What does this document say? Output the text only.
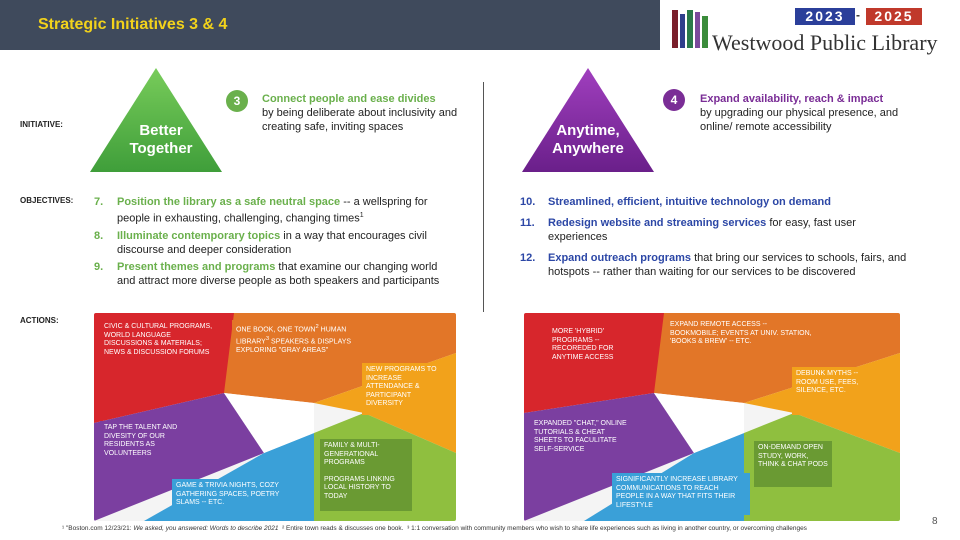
Strategic Initiatives 3 & 4	2023 -	2025
Westwood Public Library
INITIATIVE:
OBJECTIVES:
ACTIONS:
Better
Together
3	Connect people and ease divides
by being deliberate about inclusivity and creating safe, inviting spaces	Anytime,
Anywhere
4	Expand availability, reach & impact
by upgrading our physical presence, and online/ remote accessibility
7. Position the library as a safe neutral space -- a wellspring for people in exhausting, challenging, changing times$^1$
8. Illuminate contemporary topics in a way that encourages civil discourse and deeper consideration
9. Present themes and programs that examine our changing world and attract more diverse people as both speakers and participants
10. Streamlined, efficient, intuitive technology on demand
11. Redesign website and streaming services for easy, fast user experiences
12. Expand outreach programs that bring our services to schools, fairs, and hotspots -- rather than waiting for our services to be discovered
CIVIC & CULTURAL PROGRAMS, WORLD LANGUAGE DISCUSSIONS & MATERIALS; NEWS & DISCUSSION FORUMS
ONE BOOK, ONE TOWN$^2$ HUMAN LIBRARY$^3$ SPEAKERS & DISPLAYS EXPLORING "GRAY AREAS"
NEW PROGRAMS TO INCREASE ATTENDANCE & PARTICIPANT DIVERSITY
TAP THE TALENT AND DIVESITY OF OUR RESIDENTS AS VOLUNTEERS
GAME & TRIVIA NIGHTS, COZY GATHERING SPACES, POETRY SLAMS -- ETC.
FAMILY & MULTI-GENERATIONAL PROGRAMS
PROGRAMS LINKING LOCAL HISTORY TO TODAY
MORE 'HYBRID' PROGRAMS -- RECOREDED FOR ANYTIME ACCESS
EXPAND REMOTE ACCESS -- BOOKMOBILE; EVENTS AT UNIV. STATION, 'BOOKS & BREW' -- ETC.
DEBUNK MYTHS -- ROOM USE, FEES, SILENCE, ETC.
EXPANDED "CHAT," ONLINE TUTORIALS & CHEAT SHEETS TO FACULITATE SELF-SERVICE
SIGNIFICANTLY INCREASE LIBRARY COMMUNICATIONS TO REACH PEOPLE IN A WAY THAT FITS THEIR LIFESTYLE
ON-DEMAND OPEN STUDY, WORK, THINK & CHAT PODS
¹ "Boston.com 12/23/21: We asked, you answered: Words to describe 2021 ² Entire town reads & discusses one book. ³ 1:1 conversation with community members who wish to share life experiences such as living in another country, or overcoming challenges
8
